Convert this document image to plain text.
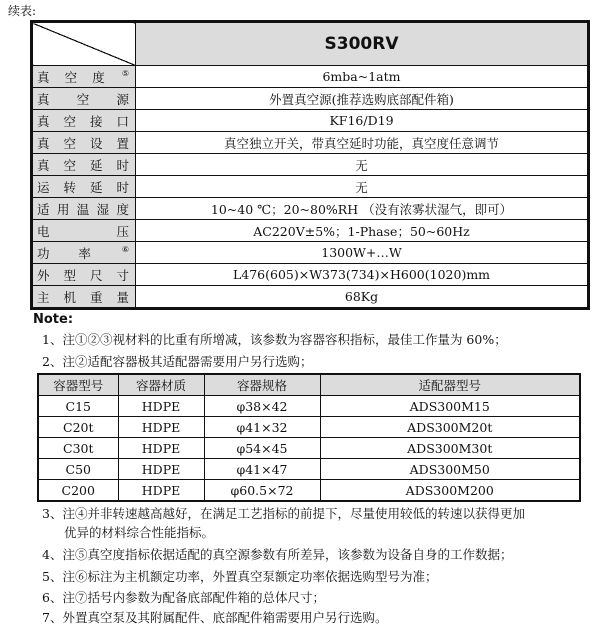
续表:
	S300RV
真空度 ⑤	6mba~1atm
真空源	外置真空源(推荐选购底部配件箱)
真空接口	KF16/D19
真空设置	真空独立开关，带真空延时功能，真空度任意调节
真空延时	无
运转延时	无
适用温湿度	10~40 ℃；20~80%RH （没有浓雾状湿气，即可）
电压	AC220V±5%；1-Phase；50~60Hz
功率 ⑥	1300W+…W
外型尺寸	L476(605)×W373(734)×H600(1020)mm
主机重量	68Kg
Note:
1、注①②③视材料的比重有所增减，该参数为容器容积指标，最佳工作量为 60%；
2、注②适配容器极其适配器需要用户另行选购；
容器型号	容器材质	容器规格	适配器型号
C15	HDPE	φ38×42	ADS300M15
C20t	HDPE	φ41×32	ADS300M20t
C30t	HDPE	φ54×45	ADS300M30t
C50	HDPE	φ41×47	ADS300M50
C200	HDPE	φ60.5×72	ADS300M200
3、注④并非转速越高越好，在满足工艺指标的前提下，尽量使用较低的转速以获得更加
优异的材料综合性能指标。
4、注⑤真空度指标依据适配的真空源参数有所差异，该参数为设备自身的工作数据；
5、注⑥标注为主机额定功率，外置真空泵额定功率依据选购型号为准；
6、注⑦括号内参数为配备底部配件箱的总体尺寸；
7、外置真空泵及其附属配件、底部配件箱需要用户另行选购。
